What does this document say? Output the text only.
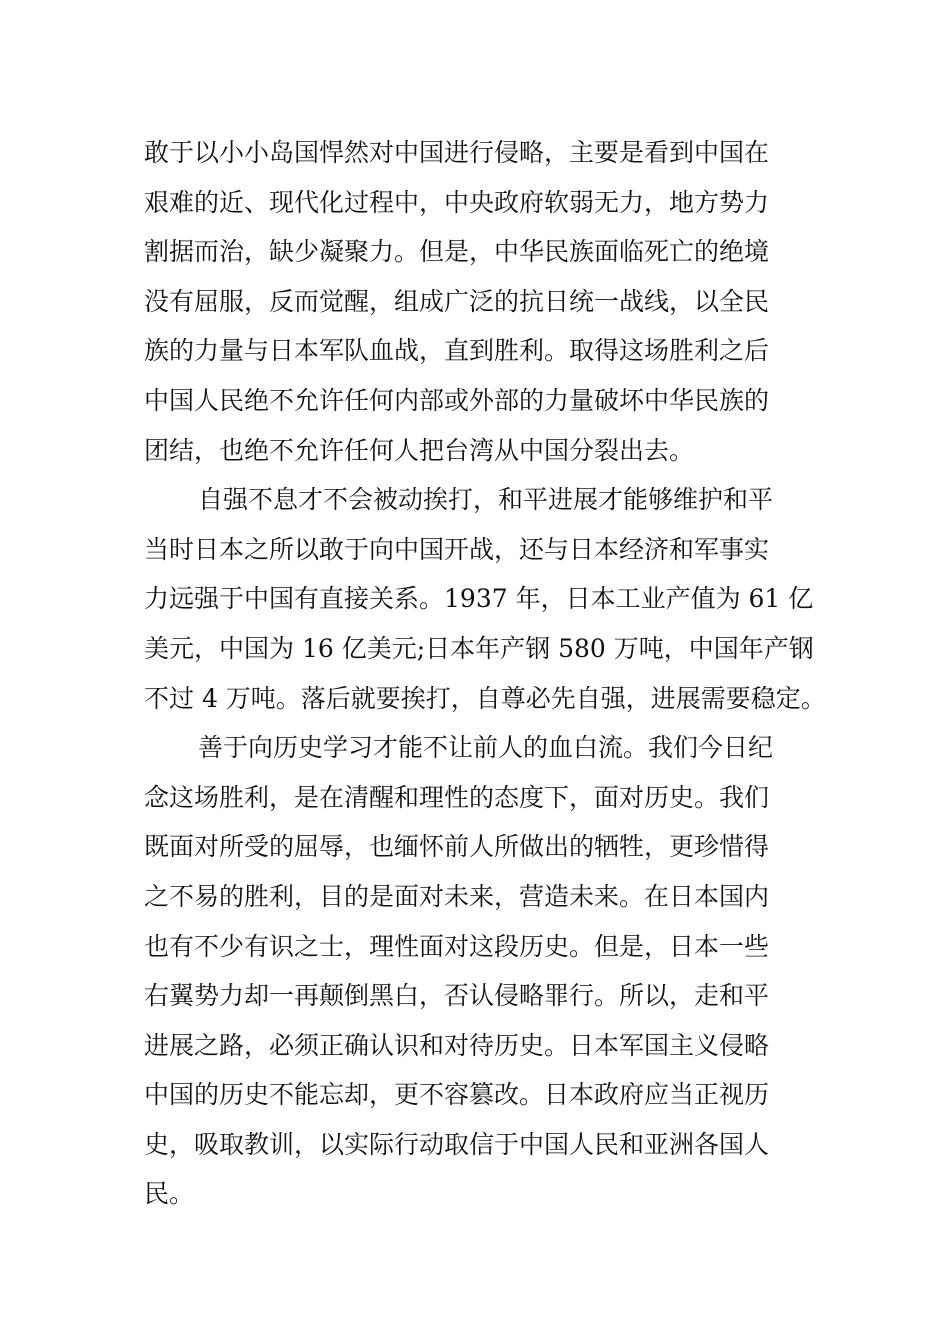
敢于以小小岛国悍然对中国进行侵略，主要是看到中国在
艰难的近、现代化过程中，中央政府软弱无力，地方势力
割据而治，缺少凝聚力。但是，中华民族面临死亡的绝境
没有屈服，反而觉醒，组成广泛的抗日统一战线，以全民
族的力量与日本军队血战，直到胜利。取得这场胜利之后
中国人民绝不允许任何内部或外部的力量破坏中华民族的
团结，也绝不允许任何人把台湾从中国分裂出去。
自强不息才不会被动挨打，和平进展才能够维护和平
当时日本之所以敢于向中国开战，还与日本经济和军事实
力远强于中国有直接关系。1937 年，日本工业产值为 61 亿
美元，中国为 16 亿美元;日本年产钢 580 万吨，中国年产钢
不过 4 万吨。落后就要挨打，自尊必先自强，进展需要稳定。
善于向历史学习才能不让前人的血白流。我们今日纪
念这场胜利，是在清醒和理性的态度下，面对历史。我们
既面对所受的屈辱，也缅怀前人所做出的牺牲，更珍惜得
之不易的胜利，目的是面对未来，营造未来。在日本国内
也有不少有识之士，理性面对这段历史。但是，日本一些
右翼势力却一再颠倒黑白，否认侵略罪行。所以，走和平
进展之路，必须正确认识和对待历史。日本军国主义侵略
中国的历史不能忘却，更不容篡改。日本政府应当正视历
史，吸取教训，以实际行动取信于中国人民和亚洲各国人
民。
